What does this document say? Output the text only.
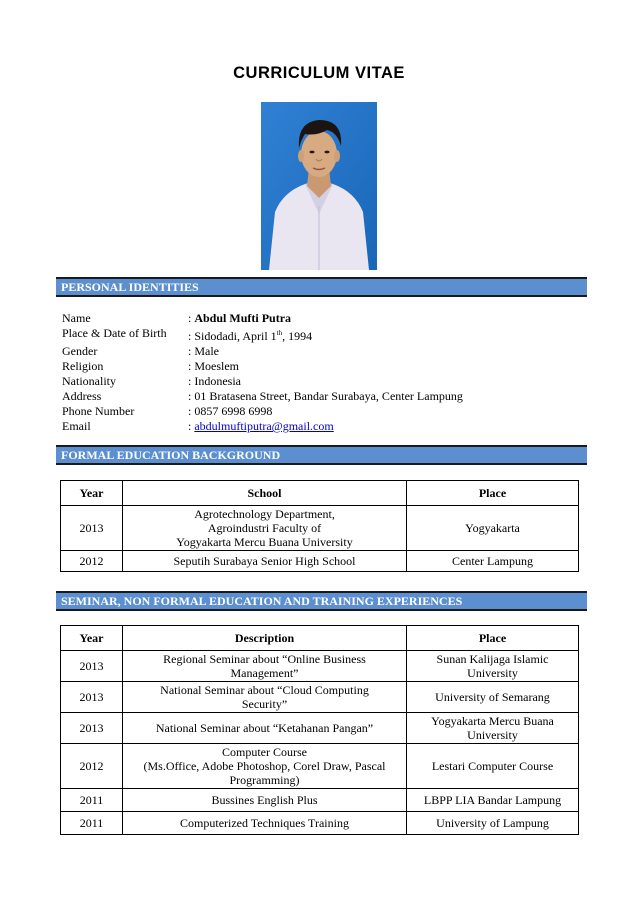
CURRICULUM VITAE
PERSONAL IDENTITIES
Name	: Abdul Mufti Putra
Place & Date of Birth	: Sidodadi, April 1th, 1994
Gender	: Male
Religion	: Moeslem
Nationality	: Indonesia
Address	: 01 Bratasena Street, Bandar Surabaya, Center Lampung
Phone Number	: 0857 6998 6998
Email	: abdulmuftiputra@gmail.com
FORMAL EDUCATION BACKGROUND
Year	School	Place
2013	Agrotechnology Department,
Agroindustri Faculty of
Yogyakarta Mercu Buana University	Yogyakarta
2012	Seputih Surabaya Senior High School	Center Lampung
SEMINAR, NON FORMAL EDUCATION AND TRAINING EXPERIENCES
Year	Description	Place
2013	Regional Seminar about “Online Business
Management”	Sunan Kalijaga Islamic
University
2013	National Seminar about “Cloud Computing
Security”	University of Semarang
2013	National Seminar about “Ketahanan Pangan”	Yogyakarta Mercu Buana
University
2012	Computer Course
(Ms.Office, Adobe Photoshop, Corel Draw, Pascal
Programming)	Lestari Computer Course
2011	Bussines English Plus	LBPP LIA Bandar Lampung
2011	Computerized Techniques Training	University of Lampung
